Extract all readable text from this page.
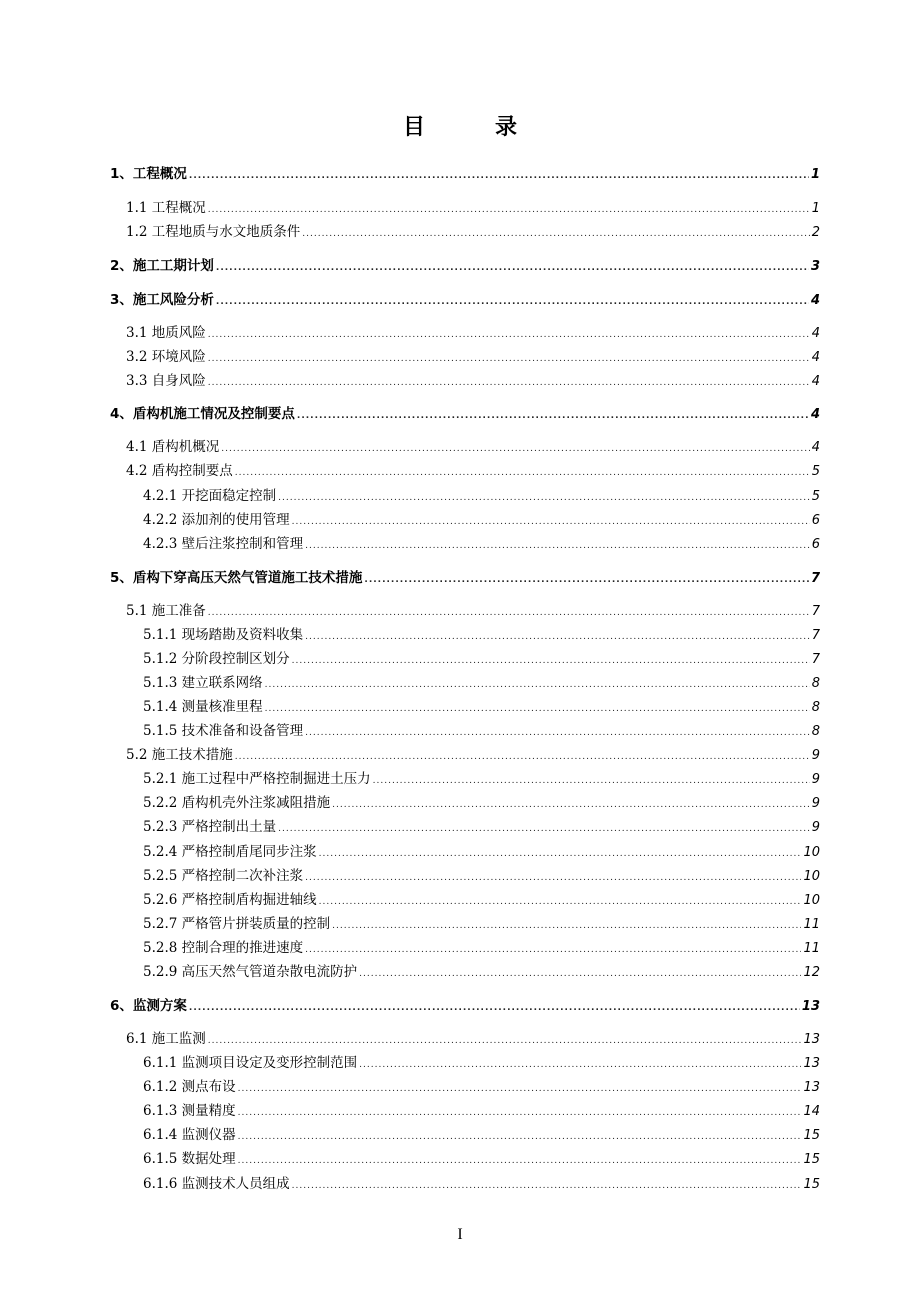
目	录
1、工程概况 .....	1
1.1 工程概况 .....	1
1.2 工程地质与水文地质条件 .....	2
2、施工工期计划 .....	3
3、施工风险分析 .....	4
3.1 地质风险 .....	4
3.2 环境风险 .....	4
3.3 自身风险 .....	4
4、盾构机施工情况及控制要点 .....	4
4.1 盾构机概况 .....	4
4.2 盾构控制要点 .....	5
4.2.1 开挖面稳定控制 .....	5
4.2.2 添加剂的使用管理 .....	6
4.2.3 壁后注浆控制和管理 .....	6
5、盾构下穿高压天然气管道施工技术措施 .....	7
5.1 施工准备 .....	7
5.1.1 现场踏勘及资料收集 .....	7
5.1.2 分阶段控制区划分 .....	7
5.1.3 建立联系网络 .....	8
5.1.4 测量核准里程 .....	8
5.1.5 技术准备和设备管理 .....	8
5.2 施工技术措施 .....	9
5.2.1 施工过程中严格控制掘进土压力 .....	9
5.2.2 盾构机壳外注浆减阻措施 .....	9
5.2.3 严格控制出土量 .....	9
5.2.4 严格控制盾尾同步注浆 .....	10
5.2.5 严格控制二次补注浆 .....	10
5.2.6 严格控制盾构掘进轴线 .....	10
5.2.7 严格管片拼装质量的控制 .....	11
5.2.8 控制合理的推进速度 .....	11
5.2.9 高压天然气管道杂散电流防护 .....	12
6、监测方案 .....	13
6.1 施工监测 .....	13
6.1.1 监测项目设定及变形控制范围 .....	13
6.1.2 测点布设 .....	13
6.1.3 测量精度 .....	14
6.1.4 监测仪器 .....	15
6.1.5 数据处理 .....	15
6.1.6 监测技术人员组成 .....	15
I
